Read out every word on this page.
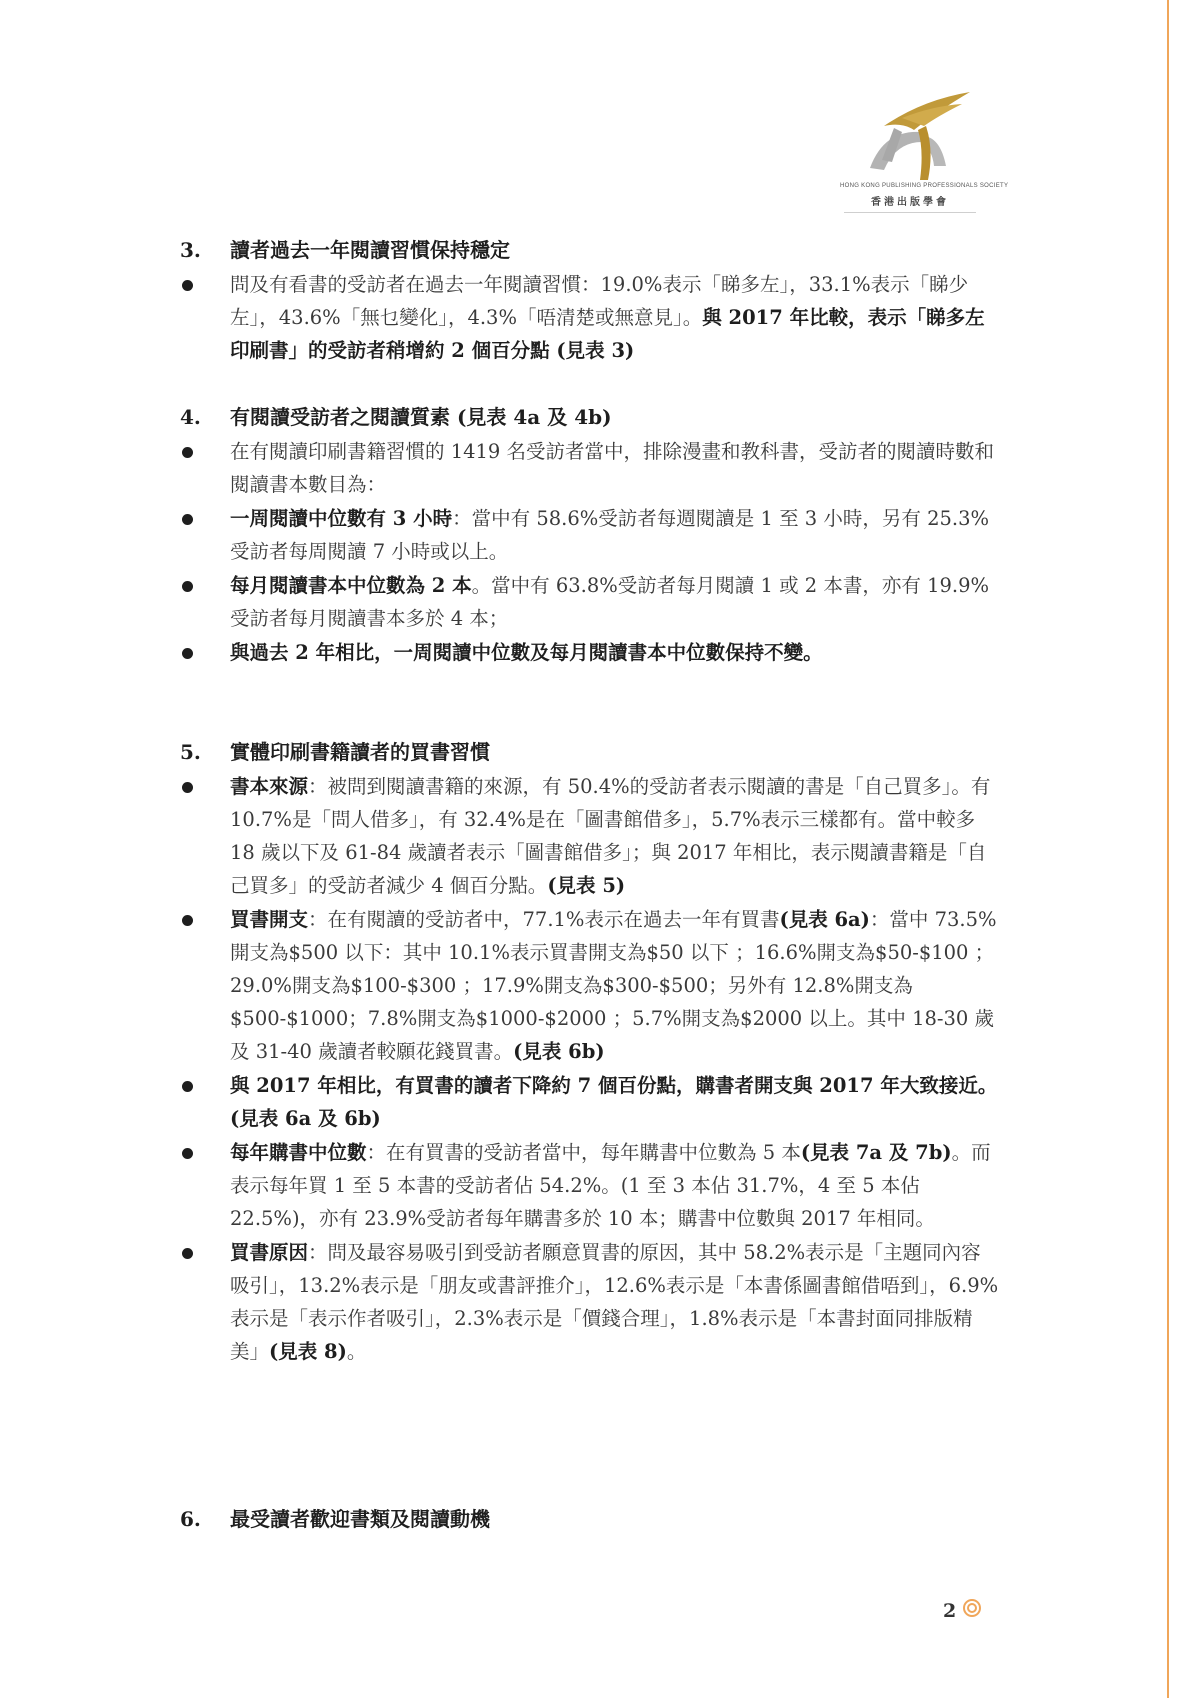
HONG KONG PUBLISHING PROFESSIONALS SOCIETY
香港出版學會
3. 讀者過去一年閱讀習慣保持穩定
問及有看書的受訪者在過去一年閱讀習慣：19.0%表示「睇多左」，33.1%表示「睇少左」，43.6%「無乜變化」，4.3%「唔清楚或無意見」。與 2017 年比較，表示「睇多左印刷書」的受訪者稍增約 2 個百分點 (見表 3)
4. 有閱讀受訪者之閱讀質素 (見表 4a 及 4b)
在有閱讀印刷書籍習慣的 1419 名受訪者當中，排除漫畫和教科書，受訪者的閱讀時數和閱讀書本數目為：
一周閱讀中位數有 3 小時：當中有 58.6%受訪者每週閱讀是 1 至 3 小時，另有 25.3%受訪者每周閱讀 7 小時或以上。
每月閱讀書本中位數為 2 本。當中有 63.8%受訪者每月閱讀 1 或 2 本書，亦有 19.9%受訪者每月閱讀書本多於 4 本；
與過去 2 年相比，一周閱讀中位數及每月閱讀書本中位數保持不變。
5. 實體印刷書籍讀者的買書習慣
書本來源：被問到閱讀書籍的來源，有 50.4%的受訪者表示閱讀的書是「自己買多」。有 10.7%是「問人借多」，有 32.4%是在「圖書館借多」，5.7%表示三樣都有。當中較多 18 歲以下及 61-84 歲讀者表示「圖書館借多」；與 2017 年相比，表示閱讀書籍是「自己買多」的受訪者減少 4 個百分點。(見表 5)
買書開支：在有閱讀的受訪者中，77.1%表示在過去一年有買書(見表 6a)：當中 73.5%開支為$500 以下：其中 10.1%表示買書開支為$50 以下 ；16.6%開支為$50-$100 ；29.0%開支為$100-$300 ；17.9%開支為$300-$500；另外有 12.8%開支為$500-$1000；7.8%開支為$1000-$2000 ；5.7%開支為$2000 以上。其中 18-30 歲及 31-40 歲讀者較願花錢買書。(見表 6b)
與 2017 年相比，有買書的讀者下降約 7 個百份點，購書者開支與 2017 年大致接近。 (見表 6a 及 6b)
每年購書中位數：在有買書的受訪者當中，每年購書中位數為 5 本(見表 7a 及 7b)。而表示每年買 1 至 5 本書的受訪者佔 54.2%。(1 至 3 本佔 31.7%，4 至 5 本佔 22.5%)，亦有 23.9%受訪者每年購書多於 10 本；購書中位數與 2017 年相同。
買書原因：問及最容易吸引到受訪者願意買書的原因，其中 58.2%表示是「主題同內容吸引」，13.2%表示是「朋友或書評推介」，12.6%表示是「本書係圖書館借唔到」，6.9%表示是「表示作者吸引」，2.3%表示是「價錢合理」，1.8%表示是「本書封面同排版精美」(見表 8)。
6. 最受讀者歡迎書類及閱讀動機
2
